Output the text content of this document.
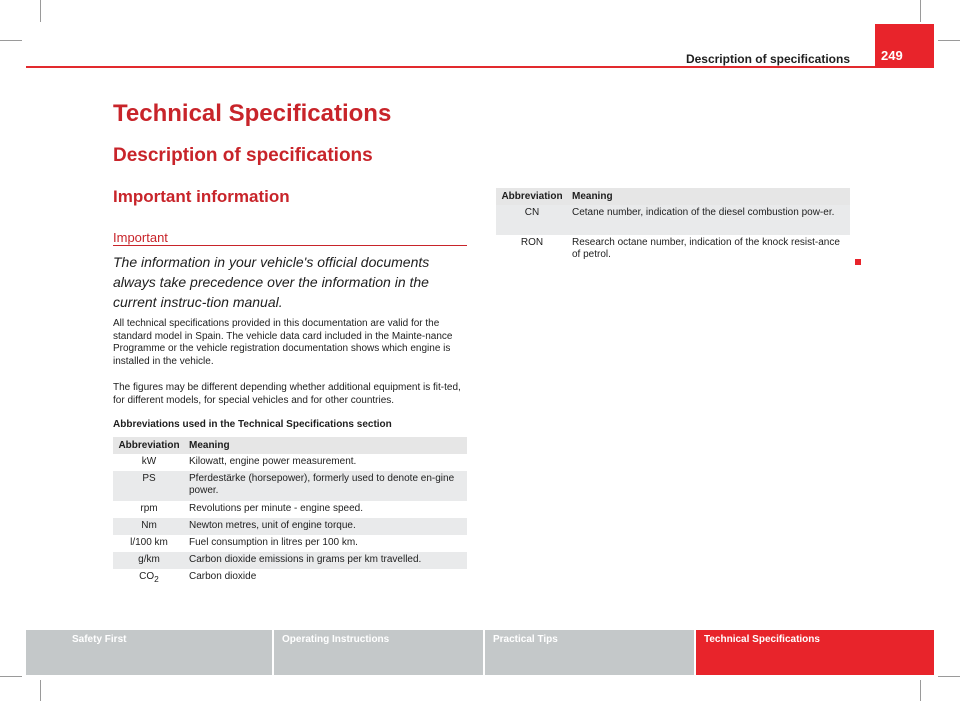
Description of specifications	249
Technical Specifications
Description of specifications
Important information
Important
The information in your vehicle's official documents always take precedence over the information in the current instruc-tion manual.
All technical specifications provided in this documentation are valid for the standard model in Spain. The vehicle data card included in the Mainte-nance Programme or the vehicle registration documentation shows which engine is installed in the vehicle.
The figures may be different depending whether additional equipment is fit-ted, for different models, for special vehicles and for other countries.
Abbreviations used in the Technical Specifications section
Abbreviation	Meaning
kW	Kilowatt, engine power measurement.
PS	Pferdestärke (horsepower), formerly used to denote en-gine power.
rpm	Revolutions per minute - engine speed.
Nm	Newton metres, unit of engine torque.
l/100 km	Fuel consumption in litres per 100 km.
g/km	Carbon dioxide emissions in grams per km travelled.
$CO_2$	Carbon dioxide
Abbreviation	Meaning
CN	Cetane number, indication of the diesel combustion pow-er.
RON	Research octane number, indication of the knock resist-ance of petrol.
Safety First	Operating Instructions	Practical Tips	Technical Specifications
